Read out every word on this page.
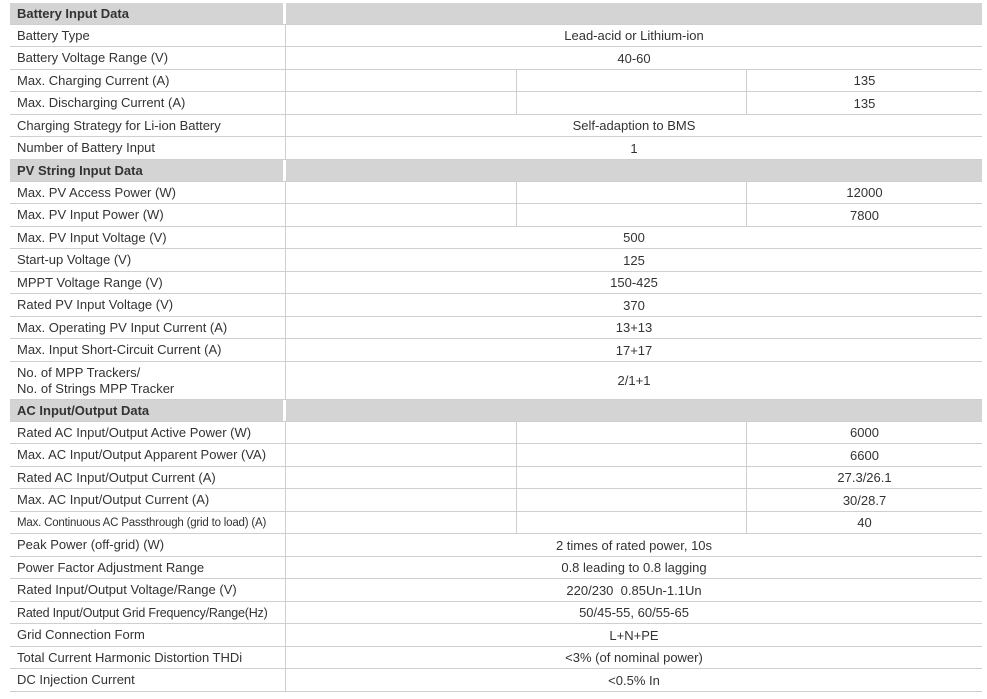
Battery Input Data
Battery Type	Lead-acid or Lithium-ion
Battery Voltage Range (V)	40-60
Max. Charging Current (A)	135
Max. Discharging Current (A)	135
Charging Strategy for Li-ion Battery	Self-adaption to BMS
Number of Battery Input	1
PV String Input Data
Max. PV Access Power (W)	12000
Max. PV Input Power (W)	7800
Max. PV Input Voltage (V)	500
Start-up Voltage (V)	125
MPPT Voltage Range (V)	150-425
Rated PV Input Voltage (V)	370
Max. Operating PV Input Current (A)	13+13
Max. Input Short-Circuit Current (A)	17+17
No. of MPP Trackers/
No. of Strings MPP Tracker	2/1+1
AC Input/Output Data
Rated AC Input/Output Active Power (W)	6000
Max. AC Input/Output Apparent Power (VA)	6600
Rated AC Input/Output Current (A)	27.3/26.1
Max. AC Input/Output Current (A)	30/28.7
Max. Continuous AC Passthrough (grid to load) (A)	40
Peak Power (off-grid) (W)	2 times of rated power, 10s
Power Factor Adjustment Range	0.8 leading to 0.8 lagging
Rated Input/Output Voltage/Range (V)	220/230  0.85Un-1.1Un
Rated Input/Output Grid Frequency/Range(Hz)	50/45-55, 60/55-65
Grid Connection Form	L+N+PE
Total Current Harmonic Distortion THDi	<3% (of nominal power)
DC Injection Current	<0.5% In
